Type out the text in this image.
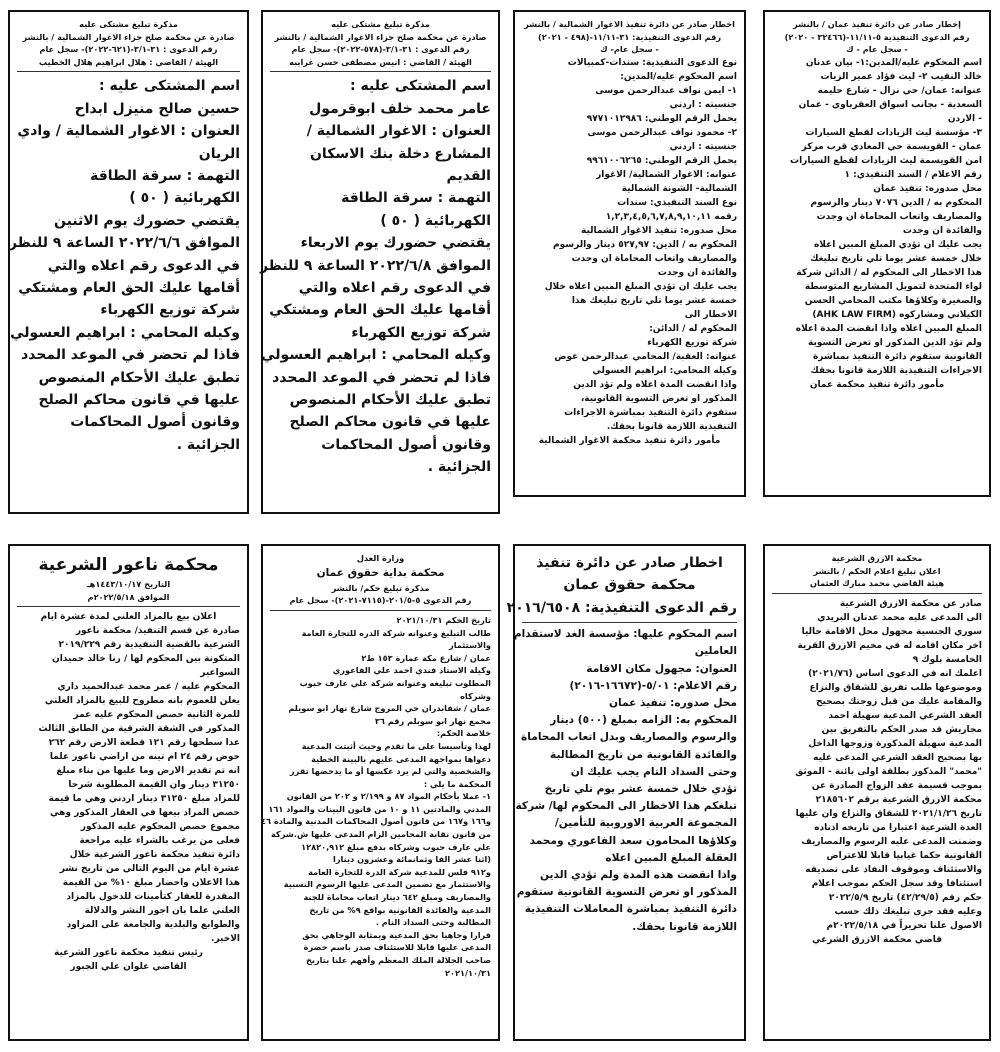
إخطار صادر عن دائرة تنفيذ عمان / بالنشر
رقم الدعوى التنفيذية ٥-١١/١١-(٣٢٤٦٦ - ٢٠٢٠)
- سجل عام - ك
اسم المحكوم عليه/المدين:١- بيان عدنان
خالد النقيب ٢- ليث فؤاد عمير الزيات
عنوانه: عمان/ حي نزال - شارع حليمه
السعدية - بجانب اسواق العقرباوي - عمان
- الاردن
٣- مؤسسة ليث الزيادات لقطع السيارات
عمان - القويسمة حي المعادي قرب مركز
امن القويسمة ليث الزيادات لقطع السيارات
رقم الاعلام / السند التنفيذي: ١
محل صدوره: تنفيذ عمان
المحكوم به / الدين ٧٠٧٦ دينار والرسوم
والمصاريف واتعاب المحاماة ان وجدت
والفائدة ان وجدت
يجب عليك ان تؤدي المبلغ المبين اعلاه
خلال خمسة عشر يوما تلي تاريخ تبليغك
هذا الاخطار الى المحكوم له / الدائن شركة
لواء المتحدة لتمويل المشاريع المتوسطة
والصغيرة وكلاؤها مكتب المحامي الحسن
الكيلاني ومشاركوه (AHK LAW FIRM)
المبلغ المبين اعلاه واذا انقضت المدة اعلاه
ولم تؤد الدين المذكور او تعرض التسوية
القانونية ستقوم دائرة التنفيذ بمباشرة
الاجراءات التنفيذية اللازمة قانونا بحقك
مأمور دائرة تنفيذ محكمة عمان
اخطار صادر عن دائرة تنفيذ الاغوار الشمالية / بالنشر
رقم الدعوى التنفيذية: ٣١-١١/١١-(٤٩٨ - ٢٠٢١)
- سجل عام- ك
نوع الدعوى التنفيذية: سندات-كمبيالات
اسم المحكوم عليه/المدين:
١- ايمن نواف عبدالرحمن موسى
جنسيته : اردني
يحمل الرقم الوطني: ٩٧٧١٠١٢٩٨٦
٢- محمود نواف عبدالرحمن موسى
جنسيته : اردني
يحمل الرقم الوطني: ٩٩٦١٠٠٦٢٦٥
عنوانه: الاغوار الشمالية/ الاغوار
الشمالية- الشونة الشمالية
نوع السند التنفيذي: سندات
رقمه ١,٢,٣,٤,٥,٦,٧,٨,٩,١٠,١١
محل صدوره: تنفيذ الاغوار الشمالية
المحكوم به / الدين: ٥٢٧,٩٧ دينار والرسوم
والمصاريف واتعاب المحاماة ان وجدت
والفائدة ان وجدت
يجب عليك ان تؤدي المبلغ المبين اعلاه خلال
خمسة عشر يوما تلي تاريخ تبليغك هذا
الاخطار الى
المحكوم له / الدائن:
شركة توزيع الكهرباء
عنوانه: العقبة/ المحامي عبدالرحمن عوض
وكيله المحامي: ابراهيم العسولي
واذا انقضت المدة اعلاه ولم تؤد الدين
المذكور او تعرض التسوية القانونية،
ستقوم دائرة التنفيذ بمباشرة الاجراءات
التنفيذية اللازمة قانونا بحقك.
مأمور دائرة تنفيذ محكمة الاغوار الشمالية
مذكرة تبليغ مشتكى عليه
صادرة عن محكمة صلح جزاء الاغوار الشمالية / بالنشر
رقم الدعوى : ٣١-٣/١-(٥٧٨-٢٠٢٢)- سجل عام
الهيئة / القاضي : انيس مصطفى حسن غرايبه
اسم المشتكى عليه :
عامر محمد خلف ابوقرمول
العنوان : الاغوار الشمالية /
المشارع دخلة بنك الاسكان
القديم
التهمة : سرقة الطاقة
الكهربائية ( ٥٠ )
يقتضي حضورك يوم الاربعاء
الموافق ٢٠٢٢/٦/٨ الساعة ٩ للنظر
في الدعوى رقم اعلاه والتي
أقامها عليك الحق العام ومشتكي
شركة توزيع الكهرباء
وكيله المحامي : ابراهيم العسولي
فاذا لم تحضر في الموعد المحدد
تطبق عليك الأحكام المنصوص
عليها في قانون محاكم الصلح
وقانون أصول المحاكمات
الجزائية .
مذكرة تبليغ مشتكى عليه
صادرة عن محكمة صلح جزاء الاغوار الشمالية / بالنشر
رقم الدعوى : ٣١-٣/١-(٦٢١-٢٠٢٢)- سجل عام
الهيئة / القاضي : هلال ابراهيم هلال الخطيب
اسم المشتكى عليه :
حسين صالح منيزل ابداح
العنوان : الاغوار الشمالية / وادي
الريان
التهمة : سرقة الطاقة
الكهربائية ( ٥٠ )
يقتضي حضورك يوم الاثنين
الموافق ٢٠٢٢/٦/٦ الساعة ٩ للنظر
في الدعوى رقم اعلاه والتي
أقامها عليك الحق العام ومشتكي
شركة توزيع الكهرباء
وكيله المحامي : ابراهيم العسولي
فاذا لم تحضر في الموعد المحدد
تطبق عليك الأحكام المنصوص
عليها في قانون محاكم الصلح
وقانون أصول المحاكمات
الجزائية .
محكمة الازرق الشرعية
اعلان تبليغ اعلام الحكم / بالنشر
هيئة القاضي محمد مبارك العثمان
صادر عن محكمة الازرق الشرعية
الى المدعى عليه محمد عدنان البريدي
سوري الجنسية مجهول محل الاقامة حاليا
اخر مكان اقامه له في مخيم الازرق القرية
الخامسة بلوك ٩
اعلمك انه في الدعوى اساس (٢٠٢١/٧٦)
وموضوعها طلب تفريق للشقاق والنزاع
والمقامة عليك من قبل زوجتك بصحيح
العقد الشرعي المدعية سهيلة احمد
مجاريش قد صدر الحكم بالتفريق بين
المدعية سهيلة المذكورة وزوجها الداخل
بها بصحيح العقد الشرعي المدعى عليه
"محمد" المذكور بطلقة اولى بائنة - الموثق
بموجب قسيمة عقد الزواج الصادرة عن
محكمة الازرق الشرعية برقم ٢١٨٥٦٠٢
تاريخ ٢٠٢١/١/٢٦ للشقاق والنزاع وان عليها
العدة الشرعية اعتبارا من تاريخه اذناده
وضمنت المدعى عليه الرسوم والمصاريف
القانونية حكما غيابيا قابلا للاعتراض
والاستئناف وموقوف النفاذ على تصديقه
استئنافا وقد سجل الحكم بموجب اعلام
حكم رقم (٤٢/٢٩/٥) تاريخ ٢٠٢٢/٥/٩
وعليه فقد جرى تبليغك ذلك حسب
الاصول علنا تحريراً في ٢٠٢٢/٥/١٨م
قاضي محكمة الازرق الشرعي
اخطار صادر عن دائرة تنفيذ
محكمة حقوق عمان
رقم الدعوى التنفيذية: ٢٠١٦/٦٥٠٨
اسم المحكوم عليها: مؤسسة الغد لاستقدام
العاملين
العنوان: مجهول مكان الاقامة
رقم الاعلام: ٥/٠١-(١٦٦٧٢-٢٠١٦)
محل صدوره: تنفيذ عمان
المحكوم به: الزامه بمبلغ (٥٠٠) دينار
والرسوم والمصاريف وبدل اتعاب المحاماة
والفائدة القانونية من تاريخ المطالبة
وحتى السداد التام يجب عليك ان
تؤدي خلال خمسة عشر يوم تلي تاريخ
تبلغكم هذا الاخطار الى المحكوم لها/ شركة
المجموعة العربية الاوروبية للتأمين/
وكلاؤها المحامون سعد الفاعوري ومحمد
العقلة المبلغ المبين اعلاه
واذا انقضت هذه المدة ولم تؤدي الدين
المذكور او تعرض التسوية القانونية ستقوم
دائرة التنفيذ بمباشرة المعاملات التنفيذية
اللازمة قانونا بحقك.
وزارة العدل
محكمة بداية حقوق عمان
مذكرة تبليغ حكم/ بالنشر
رقم الدعوى ٥-٢٠١/٥-(٧١١٥-٢٠٢١)- سجل عام
تاريخ الحكم ٢٠٢١/١٠/٣١
طالب التبليغ وعنوانه شركة الدره للتجارة العامة
والاستثمار
عمان / شارع مكة عمارة ١٥٣ ط٢
وكيلة الاستاذ فندي احمد علي الفاعوري
المطلوب تبليغه وعنوانه شركة علي عارف حبوب
وشركاه
عمان / شفابدران حي المروج شارع نهار ابو سويلم
مجمع نهار ابو سويلم رقم ٣٦
خلاصة الحكم:
لهذا وتأسيسا على ما تقدم وحيث أثبتت المدعية
دعواها بمواجهة المدعى عليهم بالبينة الخطية
والشخصية والتي لم يرد عكسها أو ما يدحضها تقرر
المحكمة ما يلي :
١- عملا بأحكام المواد ٨٧ و ٢/١٩٩ و ٢٠٢ من القانون
المدني والمادتين ١١ و ١٠ من قانون البينات والمواد ١٦١
و١٦٦ و١٦٧ من قانون أصول المحاكمات المدنية والمادة ٤٦
من قانون نقابة المحامين الزام المدعى عليها ش.شركة
علي عارف حبوب وشركاه بدفع مبلغ ١٢٨٢٠,٩١٢
(اثنا عشر الفا وثمانمائة وعشرون دينارا
و٩١٢ فلس للمدعية شركة الدرة للتجارة العامة
والاستثمار مع تضمين المدعى عليها الرسوم النسبية
والمصاريف ومبلغ ٦٤٢ دينار اتعاب محاماة للجنة
المدعية والفائدة القانونية بواقع ٩% من تاريخ
المطالبة وحتى السداد التام .
قرارا وجاهيا بحق المدعية وبمثابة الوجاهي بحق
المدعى عليها قابلا للاستئناف صدر باسم حضرة
صاحب الجلالة الملك المعظم وأفهم علنا بتاريخ
٢٠٢١/١٠/٣١
محكمة ناعور الشرعية
التاريخ ١٤٤٣/١٠/١٧هـ
الموافق ٢٠٢٢/٥/١٨م
اعلان بيع بالمزاد العلني لمدة عشرة ايام
صادرة عن قسم التنفيذ/ محكمة ناعور
الشرعية بالقضية التنفيذية رقم ٢٠١٩/٢٢٩
المتكونة بين المحكوم لها / رنا خالد حميدان
السواعير
المحكوم عليه / عمر محمد عبدالحميد داري
يعلن للعموم بانه مطروح للبيع بالمزاد العلني
للمرة الثانية حصص المحكوم عليه عمر
المذكور في الشقة الشرقية من الطابق الثالث
عدا سطحها رقم ١٢١ قطعة الارض رقم ٢٦٢
حوض رقم ٢٤ ام تينه من اراضي ناعور علما
انه تم تقدير الارض وما عليها من بناء مبلغ
٣١٢٥٠ دينار وان القيمة المطلوبة شرحا
للمزاد مبلغ ٣١٢٥٠ دينار اردني وهي ما قيمة
حصص المراد بيعها في العقار المذكور وهي
مجموع حصص المحكوم عليه المذكور
فعلى من يرغب بالشراء عليه مراجعة
دائرة تنفيذ محكمة ناعور الشرعية خلال
عشرة ايام من اليوم التالي من تاريخ نشر
هذا الاعلان واحضار مبلغ ١٠% من القيمة
المقدرة للعقار كتأمينات للدخول بالمزاد
العلني علما بان اجور النشر والدلالة
والطوابع والبلدية والجامعة على المزاود
الاخير.
رئيس تنفيذ محكمة ناعور الشرعية
القاضي علوان علي الجبور
